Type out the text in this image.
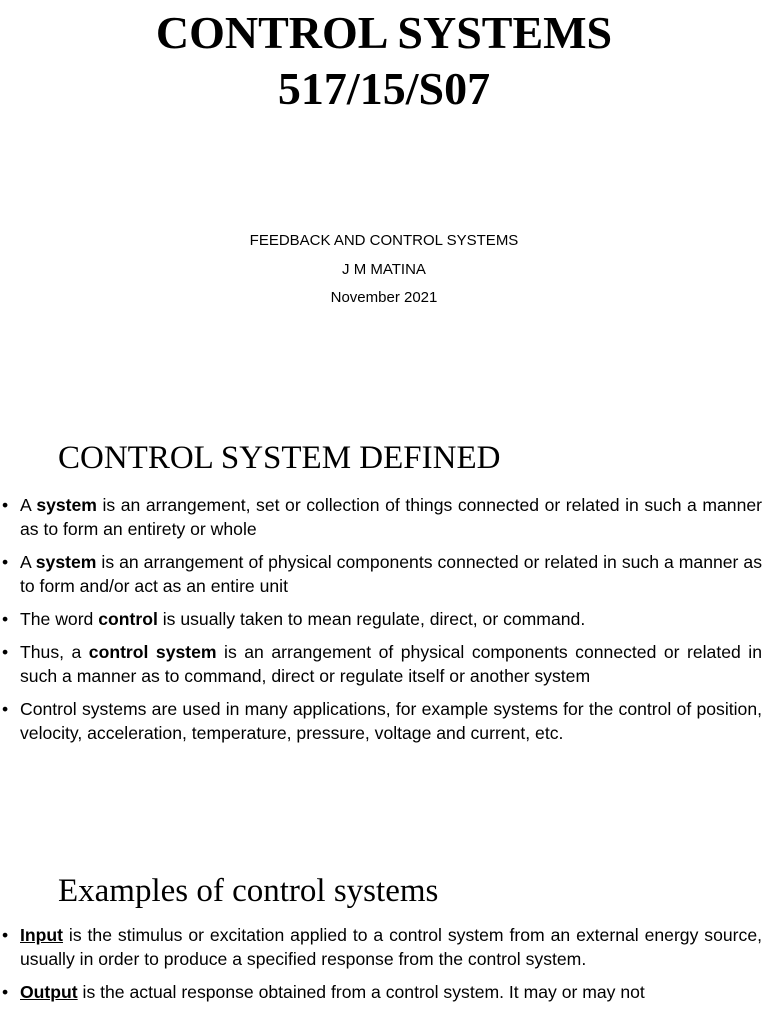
CONTROL SYSTEMS
517/15/S07
FEEDBACK AND CONTROL SYSTEMS
J M MATINA
November 2021
CONTROL SYSTEM DEFINED
• A system is an arrangement, set or collection of things connected or related in such a manner as to form an entirety or whole
• A system is an arrangement of physical components connected or related in such a manner as to form and/or act as an entire unit
• The word control is usually taken to mean regulate, direct, or command.
• Thus, a control system is an arrangement of physical components connected or related in such a manner as to command, direct or regulate itself or another system
• Control systems are used in many applications, for example systems for the control of position, velocity, acceleration, temperature, pressure, voltage and current, etc.
Examples of control systems
• Input is the stimulus or excitation applied to a control system from an external energy source, usually in order to produce a specified response from the control system.
• Output is the actual response obtained from a control system. It may or may not
